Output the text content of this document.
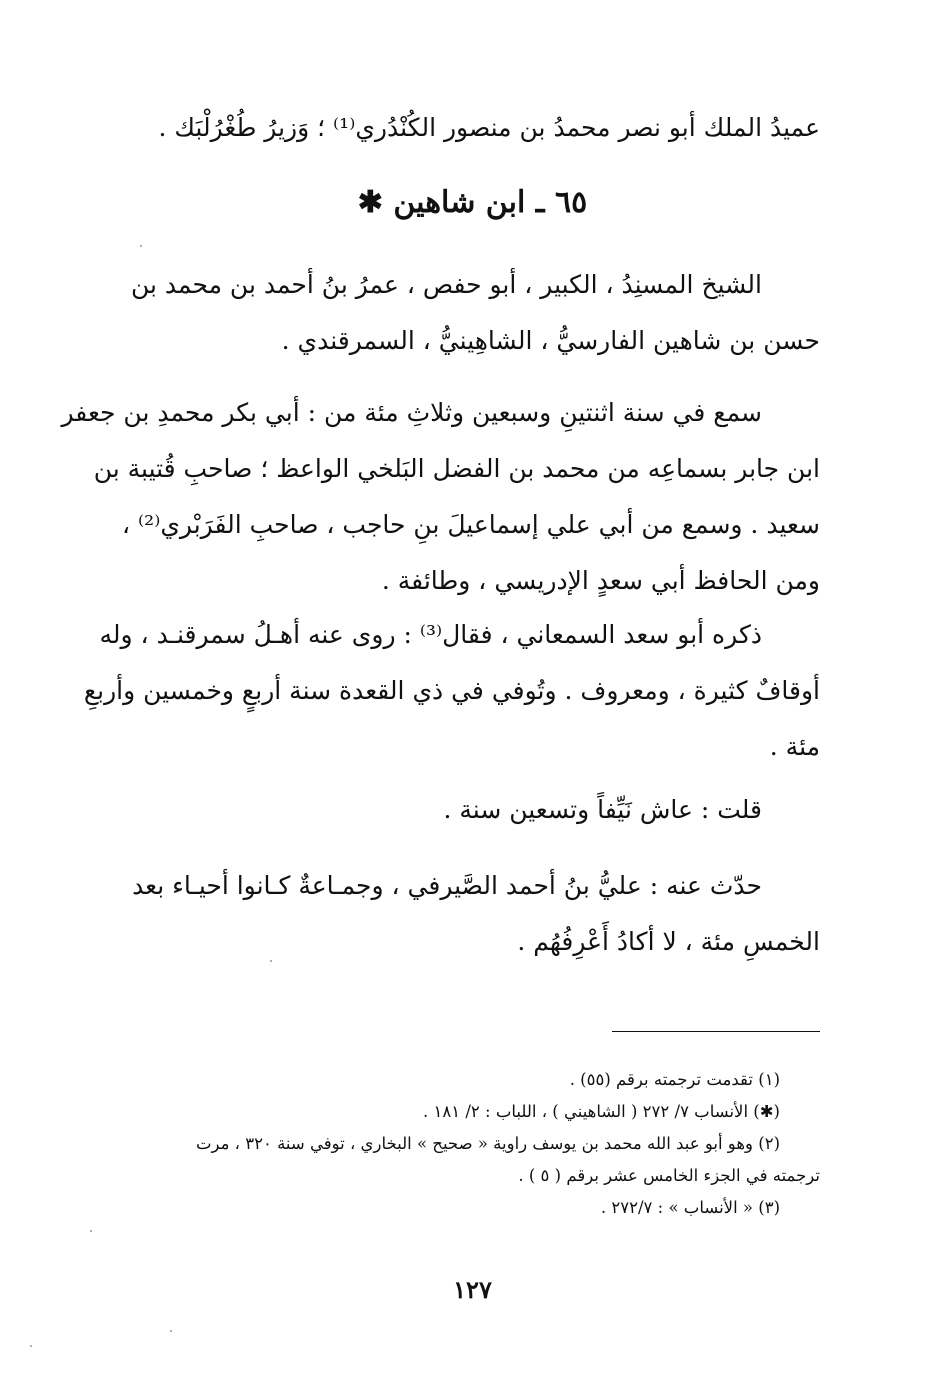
عميدُ الملك أبو نصر محمدُ بن منصور الكُنْدُري⁽¹⁾ ؛ وَزيرُ طُغْرُلْبَك .
٦٥ ـ ابن شاهين ✱
الشيخ المسنِدُ ، الكبير ، أبو حفص ، عمرُ بنُ أحمد بن محمد بن
حسن بن شاهين الفارسيُّ ، الشاهِينيُّ ، السمرقندي .
سمع في سنة اثنتينِ وسبعين وثلاثِ مئة من : أبي بكر محمدِ بن جعفر
ابن جابر بسماعِه من محمد بن الفضل البَلخي الواعظ ؛ صاحبِ قُتيبة بن
سعيد . وسمع من أبي علي إسماعيلَ بنِ حاجب ، صاحبِ الفَرَبْري⁽²⁾ ،
ومن الحافظ أبي سعدٍ الإدريسي ، وطائفة .
ذكره أبو سعد السمعاني ، فقال⁽³⁾ : روى عنه أهـلُ سمرقنـد ، وله
أوقافٌ كثيرة ، ومعروف . وتُوفي في ذي القعدة سنة أربعٍ وخمسين وأربعِ
مئة .
قلت : عاش نَيِّفاً وتسعين سنة .
حدّث عنه : عليُّ بنُ أحمد الصَّيرفي ، وجمـاعةٌ كـانوا أحيـاء بعد
الخمسِ مئة ، لا أكادُ أَعْرِفُهُم .
(١) تقدمت ترجمته برقم (٥٥) .
(✱) الأنساب ٧/ ٢٧٢ ( الشاهيني ) ، اللباب : ٢/ ١٨١ .
(٢) وهو أبو عبد الله محمد بن يوسف راوية « صحيح » البخاري ، توفي سنة ٣٢٠ ، مرت
ترجمته في الجزء الخامس عشر برقم ( ٥ ) .
(٣) « الأنساب » : ٢٧٢/٧ .
١٢٧
